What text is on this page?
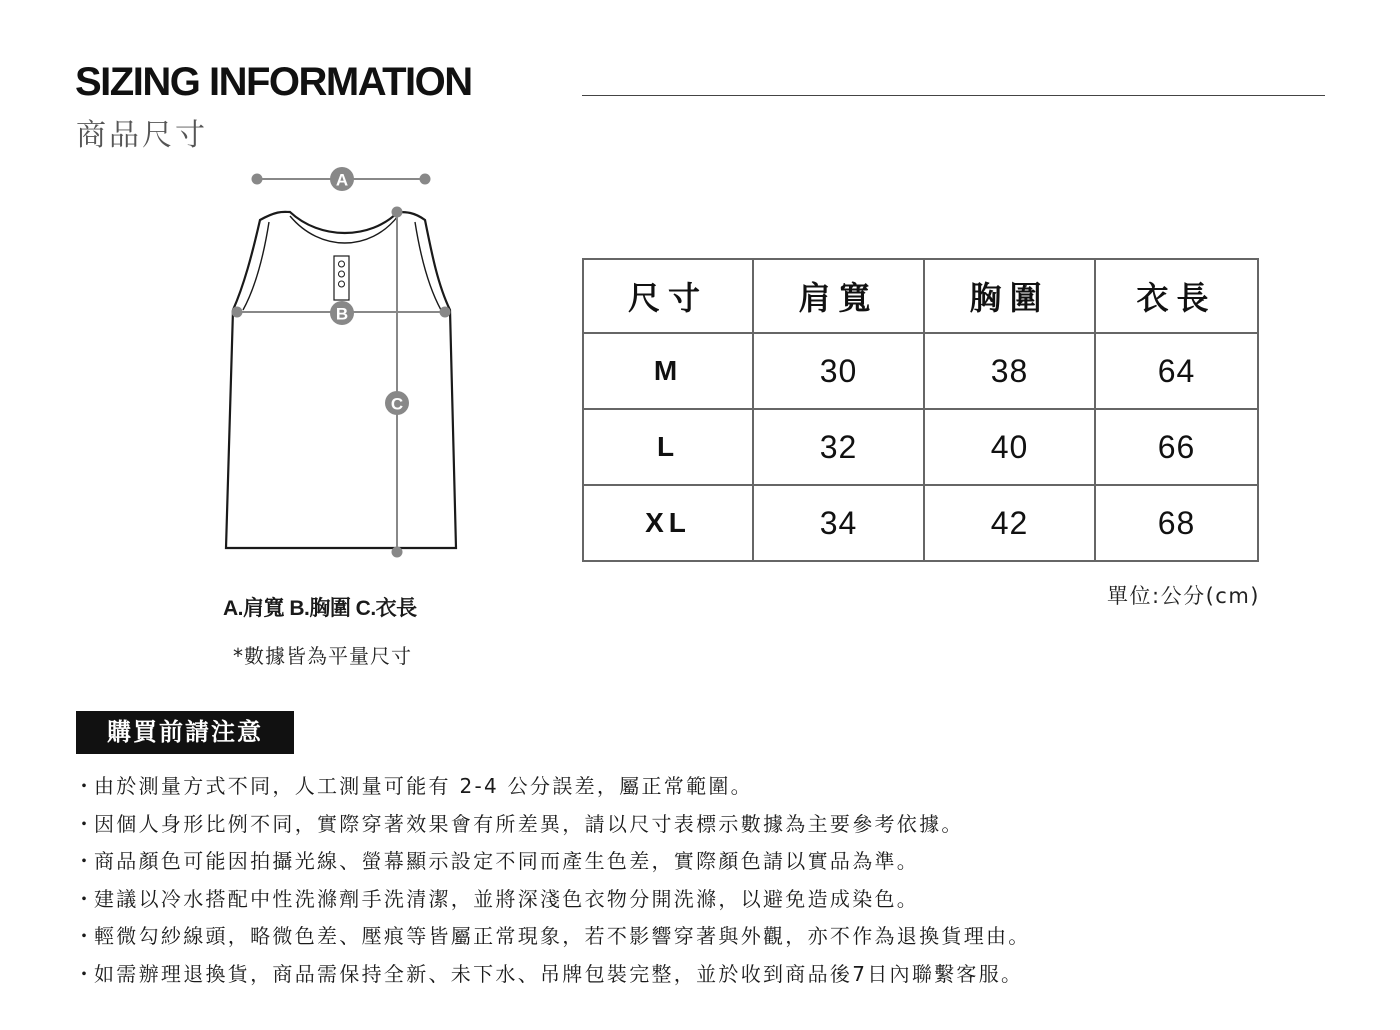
SIZING INFORMATION
商品尺寸
A
B
C
A.肩寬 B.胸圍 C.衣長
*數據皆為平量尺寸
尺寸	肩寬	胸圍	衣長
M	30	38	64
L	32	40	66
XL	34	42	68
單位:公分(cm)
購買前請注意
・由於測量方式不同，人工測量可能有 2-4 公分誤差，屬正常範圍。
・因個人身形比例不同，實際穿著效果會有所差異，請以尺寸表標示數據為主要參考依據。
・商品顏色可能因拍攝光線、螢幕顯示設定不同而產生色差，實際顏色請以實品為準。
・建議以冷水搭配中性洗滌劑手洗清潔，並將深淺色衣物分開洗滌，以避免造成染色。
・輕微勾紗線頭，略微色差、壓痕等皆屬正常現象，若不影響穿著與外觀，亦不作為退換貨理由。
・如需辦理退換貨，商品需保持全新、未下水、吊牌包裝完整，並於收到商品後7日內聯繫客服。
